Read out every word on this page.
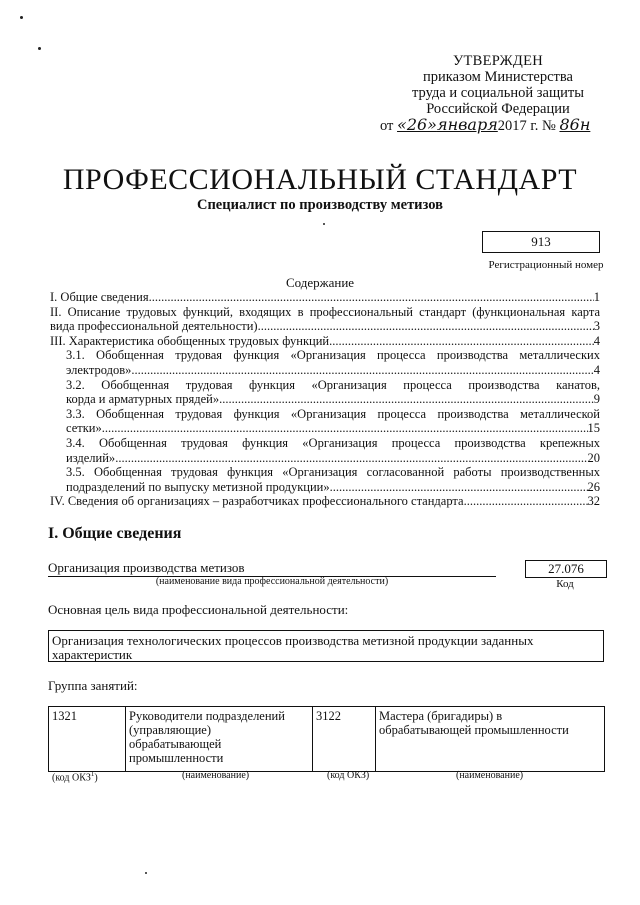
УТВЕРЖДЕН
приказом Министерства
труда и социальной защиты
Российской Федерации
от «26»января2017 г. № 86н
ПРОФЕССИОНАЛЬНЫЙ СТАНДАРТ
Специалист по производству метизов
913
Регистрационный номер
Содержание
I. Общие сведения .....	1
II. Описание трудовых функций, входящих в профессиональный стандарт (функциональная карта
вида профессиональной деятельности) .....	3
III. Характеристика обобщенных трудовых функций .....	4
3.1. Обобщенная трудовая функция «Организация процесса производства металлических
электродов» .....	4
3.2. Обобщенная трудовая функция «Организация процесса производства канатов,
корда и арматурных прядей» .....	9
3.3. Обобщенная трудовая функция «Организация процесса производства металлической
сетки» .....	15
3.4. Обобщенная трудовая функция «Организация процесса производства крепежных
изделий» .....	20
3.5. Обобщенная трудовая функция «Организация согласованной работы производственных
подразделений по выпуску метизной продукции» .....	26
IV. Сведения об организациях – разработчиках профессионального стандарта .....	32
I. Общие сведения
Организация производства метизов
(наименование вида профессиональной деятельности)
27.076
Код
Основная цель вида профессиональной деятельности:
Организация технологических процессов производства метизной продукции заданных
характеристик
Группа занятий:
1321	Руководители подразделений
(управляющие)
обрабатывающей
промышленности
	3122	Мастера (бригадиры) в
обрабатывающей промышленности
(код ОКЗ$^1$)	(наименование)	(код ОКЗ)	(наименование)
